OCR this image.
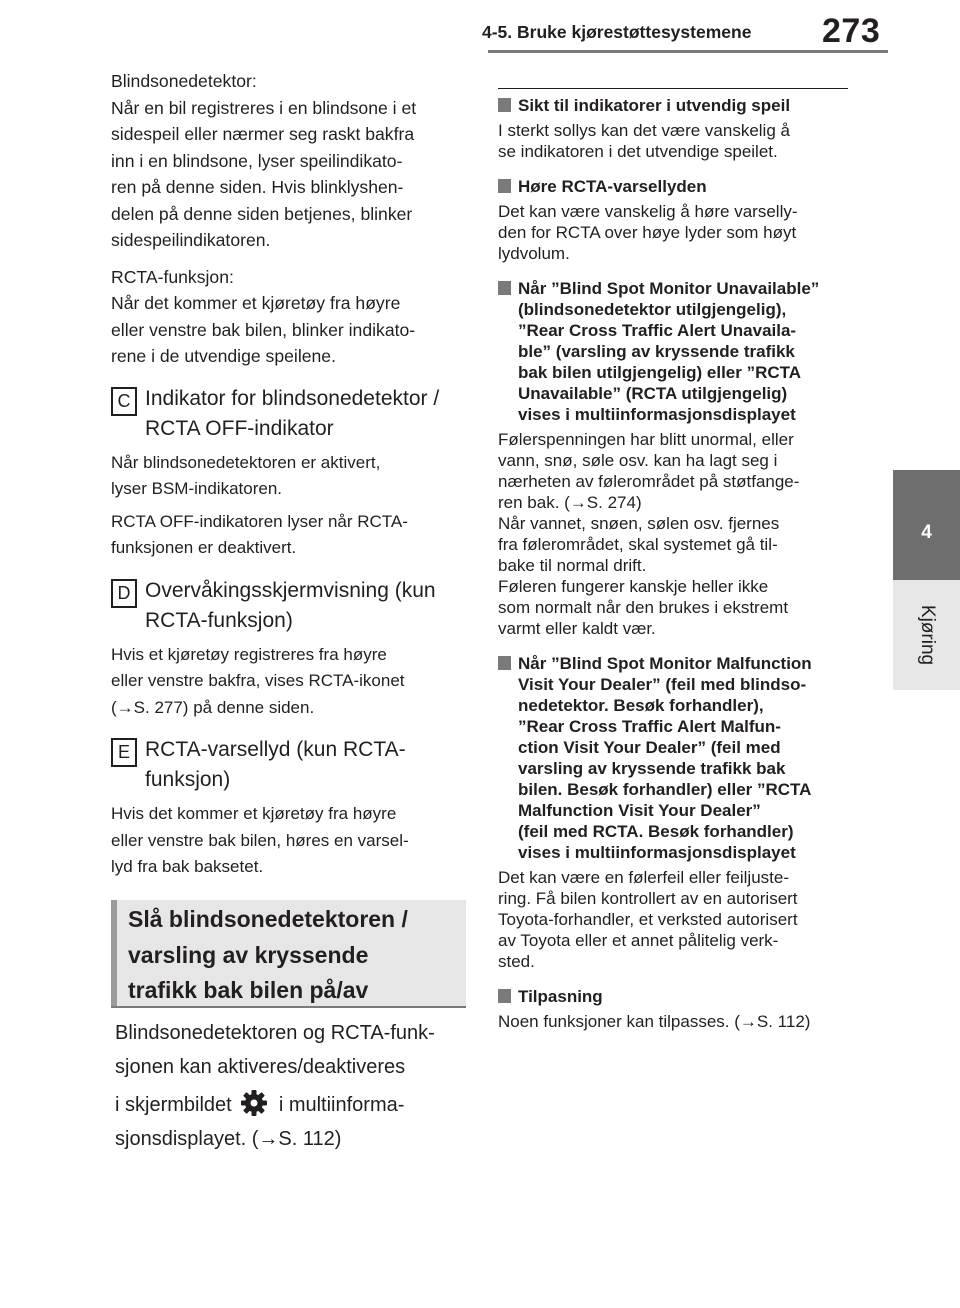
4-5. Bruke kjørestøttesystemene 273
4
Kjøring

Blindsonedetektor:
Når en bil registreres i en blindsone i et
sidespeil eller nærmer seg raskt bakfra
inn i en blindsone, lyser speilindikato-
ren på denne siden. Hvis blinklyshen-
delen på denne siden betjenes, blinker
sidespeilindikatoren.

RCTA-funksjon:
Når det kommer et kjøretøy fra høyre
eller venstre bak bilen, blinker indikato-
rene i de utvendige speilene.

C Indikator for blindsonedetektor /
RCTA OFF-indikator

Når blindsonedetektoren er aktivert,
lyser BSM-indikatoren.

RCTA OFF-indikatoren lyser når RCTA-
funksjonen er deaktivert.

D Overvåkingsskjermvisning (kun
RCTA-funksjon)

Hvis et kjøretøy registreres fra høyre
eller venstre bakfra, vises RCTA-ikonet
(→S. 277) på denne siden.

E RCTA-varsellyd (kun RCTA-
funksjon)

Hvis det kommer et kjøretøy fra høyre
eller venstre bak bilen, høres en varsel-
lyd fra bak baksetet.

Slå blindsonedetektoren /
varsling av kryssende
trafikk bak bilen på/av

Blindsonedetektoren og RCTA-funk-

sjonen kan aktiveres/deaktiveres

i skjermbildet i multiinforma-

sjonsdisplayet. (→S. 112)

Sikt til indikatorer i utvendig speil

I sterkt sollys kan det være vanskelig å
se indikatoren i det utvendige speilet.

Høre RCTA-varsellyden

Det kan være vanskelig å høre varselly-
den for RCTA over høye lyder som høyt
lydvolum.

Når ”Blind Spot Monitor Unavailable”
(blindsonedetektor utilgjengelig),
”Rear Cross Traffic Alert Unavaila-
ble” (varsling av kryssende trafikk
bak bilen utilgjengelig) eller ”RCTA
Unavailable” (RCTA utilgjengelig)
vises i multiinformasjonsdisplayet

Følerspenningen har blitt unormal, eller
vann, snø, søle osv. kan ha lagt seg i
nærheten av følerområdet på støtfange-
ren bak. (→S. 274)
Når vannet, snøen, sølen osv. fjernes
fra følerområdet, skal systemet gå til-
bake til normal drift.
Føleren fungerer kanskje heller ikke
som normalt når den brukes i ekstremt
varmt eller kaldt vær.

Når ”Blind Spot Monitor Malfunction
Visit Your Dealer” (feil med blindso-
nedetektor. Besøk forhandler),
”Rear Cross Traffic Alert Malfun-
ction Visit Your Dealer” (feil med
varsling av kryssende trafikk bak
bilen. Besøk forhandler) eller ”RCTA
Malfunction Visit Your Dealer”
(feil med RCTA. Besøk forhandler)
vises i multiinformasjonsdisplayet

Det kan være en følerfeil eller feiljuste-
ring. Få bilen kontrollert av en autorisert
Toyota-forhandler, et verksted autorisert
av Toyota eller et annet pålitelig verk-
sted.

Tilpasning

Noen funksjoner kan tilpasses. (→S. 112)
